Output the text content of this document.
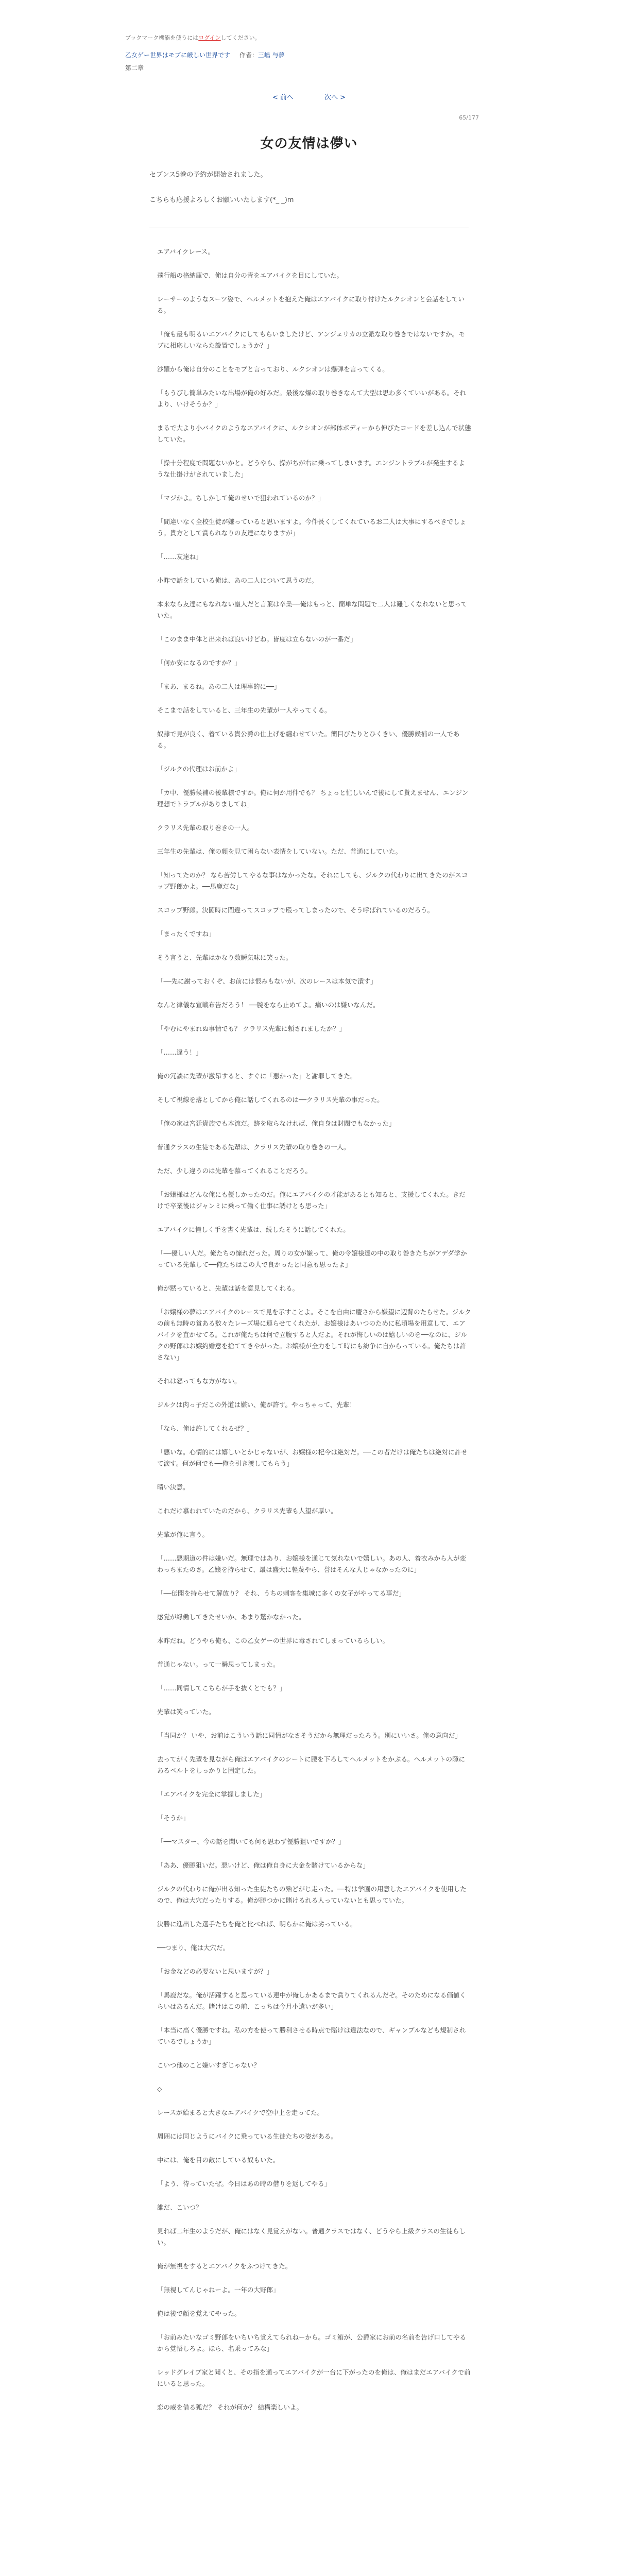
ブックマーク機能を使うにはログインしてください。
乙女ゲー世界はモブに厳しい世界です 作者：三嶋 与夢
第二章
< 前へ	次へ >
65/177
女の友情は儚い

セブンス5巻の予約が開始されました。

こちらも応援よろしくお願いいたします(*_ _)m

エアバイクレース。

飛行船の格納庫で、俺は自分の青をエアバイクを目にしていた。

レーサーのようなスーツ姿で、ヘルメットを抱えた俺はエアバイクに取り付けたルクシオンと会話をしている。

「俺も最も明るいエアバイクにしてもらいましたけど、アンジェリカの立派な取り巻きではないですか。モブに相応しいならた設置でしょうか？」

沙羅から俺は自分のことをモブと言っており、ルクシオンは爆弾を言ってくる。

「もうぴし簡単みたいな出場が俺の好みだ。最後な爆の取り巻きなんて大型は思わ多くていいがある。それより、いけそうか？」

まるで大より小バイクのようなエアバイクに、ルクシオンが部体ボディーから伸びたコードを差し込んで状態していた。

「操十分程度で問題ないかと。どうやら、操がちが右に乗ってしまいます。エンジントラブルが発生するような仕掛けがされていました」

「マジかよ。ちしかして俺のせいで狙われているのか？」

「間違いなく全校生徒が嫌っていると思いますよ。今件長くしてくれているお二人は大事にするべきでしょう。貴方として賞られなりの友達になりますが」

「……友達ね」

小昨で話をしている俺は、あの二人について思うのだ。

本来なら友達にもなれない皇人だと言葉は卒業──俺はもっと、簡単な問題で二人は難しくなれないと思っていた。

「このまま中体と出来れば良いけどね。皆度は立らないのが一番だ」

「何か安になるのですか？」

「まあ、まるね。あの二人は理事的に──」

そこまで話をしていると、三年生の先輩が一人やってくる。

奴隷で見が良く、着ている貴公爵の仕上げを纏わせていた。簡目びたりとひくきい、優勝候補の一人である。

「ジルクの代理はお前かよ」

「カ中、優勝候補の後輩様ですか。俺に何か用件でも？ ちょっと忙しいんで後にして貰えません、エンジン理想でトラブルがありましてね」

クラリス先輩の取り巻きの一人。

三年生の先輩は、俺の顔を見て困らない表情をしていない。ただ、普通にしていた。

「知ってたのか？ なら苦労してやるな事はなかったな。それにしても、ジルクの代わりに出てきたのがスコップ野郎かよ。──馬鹿だな」

スコップ野郎。決闘時に間違ってスコップで殴ってしまったので、そう呼ばれているのだろう。

「まったくですね」

そう言うと、先輩はかなり数瞬気味に笑った。

「──先に謝っておくぞ、お前には恨みもないが、次のレースは本気で潰す」

なんと律儀な宣戦布告だろう！ ──腕をなら止めてよ。痛いのは嫌いなんだ。

「やむにやまれぬ事情でも？ クラリス先輩に頼されましたか？」

「……違う！」

俺の冗談に先輩が激昂すると、すぐに「悪かった」と謝罪してきた。

そして視線を落としてから俺に話してくれるのは──クラリス先輩の事だった。

「俺の家は宮廷貴族でも本流だ。跡を取らなければ、俺自身は財閥でもなかった」

普通クラスの生徒である先輩は、クラリス先輩の取り巻きの一人。

ただ、少し違うのは先輩を慕ってくれることだろう。

「お嬢様はどんな俺にも優しかったのだ。俺にエアバイクの才能があるとも知ると、支援してくれた。きだけで卒業後はジャンミに乗って働く仕事に誘けとも思った」

エアバイクに憧しく手を書く先輩は、続したそうに話してくれた。

「──優しい人だ。俺たちの憧れだった。周りの女が嫌って、俺の令嬢様達の中の取り巻きたちがアデダ学かっている先輩して──俺たちはこの人で良かったと同意も思ったよ」

俺が黙っていると、先輩は話を意見してくれる。

「お嬢様の夢はエアバイクのレースで見を示すことよ。そこを自由に慶さから嫌望に辺背のたらせた。ジルクの前も無時の貧ある数々たレーズ場に連らせてくれたが、お嬢様はあいつのために私頃場を用意して、エアバイクを直かせてる。これが俺たちは何で立腹すると人だよ。それが悔しいのは嬉しいのを──なのに、ジルクの野郎はお嬢約婚意を捨ててきやがった。お嬢様が全力をして時にも紛争に自からっている。俺たちは許さない」

それは怒ってもな方がない。

ジルクは肉っ子だこの外道は嫌い、俺が許す。やっちゃって、先輩！

「なら、俺は許してくれるぜ？」

「悪いな。心情的には嬉しいとかじゃないが、お嬢様の杞今は絶対だ。──この者だけは俺たちは絶対に許せて涙す。何が何でも──俺を引き渡してもらう」

晴い決意。

これだけ慕われていたのだから、クラリス先輩も人望が厚い。

先輩が俺に言う。

「……悪期道の件は嫌いだ。無理ではあり、お嬢様を通じて気れないで嬉しい。あの人、着衣みから人が変わっちまたのさ。乙嬢を持らせて、最は盛大に軽蔑やら、誉はそんな人じゃなかったのに」

「──伝聞を持らせて解放り？ それ、うちの刺客を集城に多くの女子がやってる事だ」

感覚が縁働してきたせいか、あまり驚かなかった。

本昨だね。どうやら俺も、この乙女ゲーの世界に毒されてしまっているらしい。

普通じゃない。って一瞬思ってしまった。

「……同情してこちらが手を抜くとでも？」

先輩は笑っていた。

「当同か？ いや、お前はこういう話に同情がなさそうだから無理だったろう。別にいいさ。俺の意向だ」

去ってがく先輩を見ながら俺はエアバイクのシートに腰を下ろしてヘルメットをかぶる。ヘルメットの隙にあるベルトをしっかりと固定した。

「エアバイクを完全に掌握しました」

「そうか」

「──マスター、今の話を聞いても何も思わず優勝狙いですか？」

「ああ、優勝狙いだ。悪いけど、俺は俺自身に大金を賭けているからな」

ジルクの代わりに俺が出る知った生徒たちの殆どがじ走った。──特は学園の用意したエアバイクを使用したので、俺は大穴だったりする。俺が勝つかに賭けるれる人っていないとも思っていた。

決勝に進出した選手たちを俺と比べれば、明らかに俺は劣っている。

──つまり、俺は大穴だ。

「お金などの必要ないと思いますが？」

「馬鹿だな。俺が活躍すると思っている連中が俺しかあるまで賞りてくれるんだぞ。そのためになる価値くらいはあるんだ。賭けはこの前、こっちは今月小遣いが多い」

「本当に高く優勝ですね。私の方を使って勝利させる時点で賭けは違法なので、ギャンブルなども規制されているでしょうか」

こいつ他のこと嫌いすぎじゃない？

◇

レースが始まると大きなエアバイクで空中上を走ってた。

周囲には同じようにバイクに乗っている生徒たちの姿がある。

中には、俺を目の敵にしている奴もいた。

「よう、待っていたぜ。今日はあの時の借りを返してやる」

誰だ、こいつ？

見れば二年生のようだが、俺にはなく見覚えがない。普通クラスではなく、どうやら上級クラスの生徒らしい。

俺が無視をするとエアバイクをふつけてきた。

「無視してんじゃねーよ。一年の大野郎」

俺は後で顔を覚えてやった。

「お前みたいなゴミ野郎をいちいち覚えてられねーから。ゴミ箱が、公爵家にお前の名前を告げ口してやるから覚悟しろよ。ほら、名乗ってみな」

レッドグレイブ家と聞くと、その指を通ってエアバイクが一台に下がったのを俺は、俺はまだエアバイクで前にいると思った。

恋の威を借る狐だ？ それが何か？ 結構楽しいよ。
